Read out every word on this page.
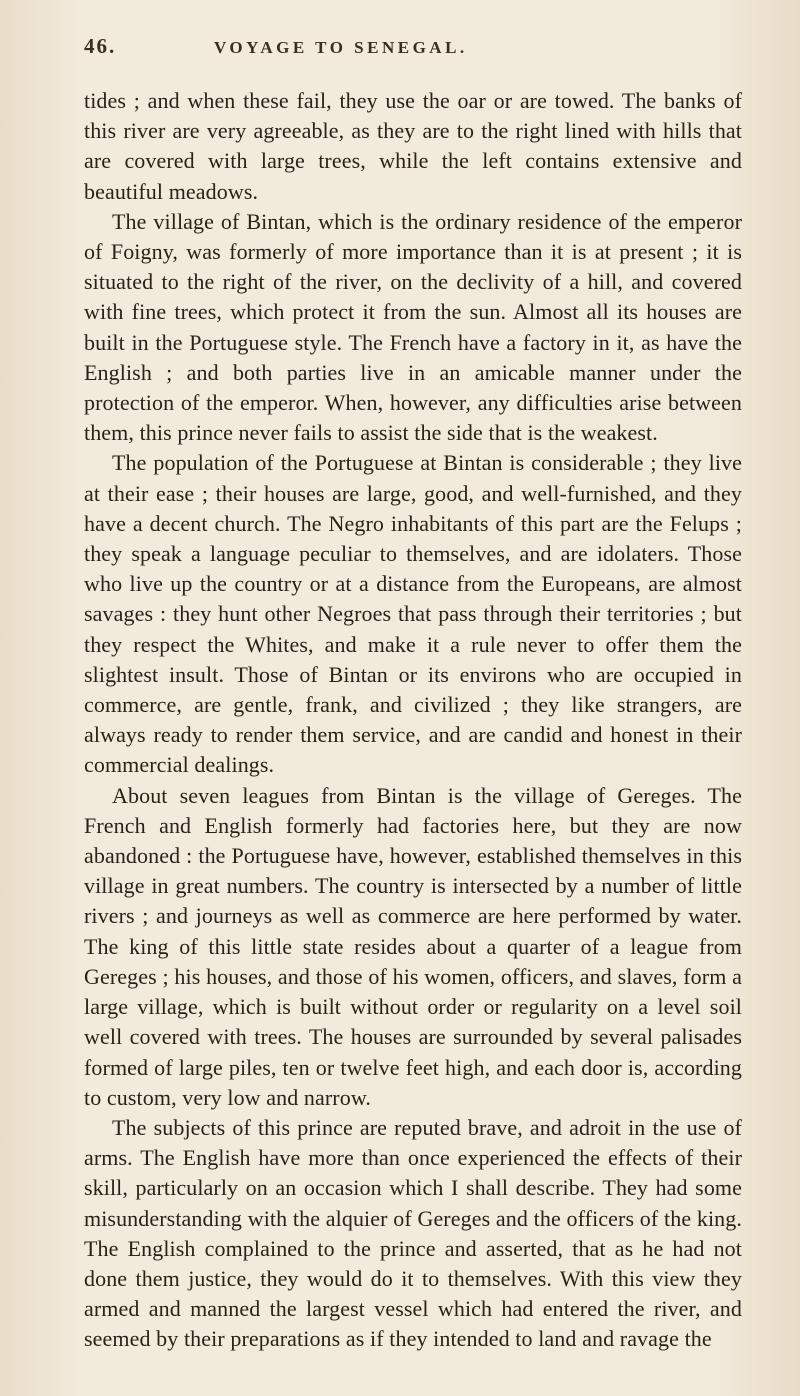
46.	VOYAGE TO SENEGAL.

tides ; and when these fail, they use the oar or are towed. The banks of this river are very agreeable, as they are to the right lined with hills that are covered with large trees, while the left contains extensive and beautiful meadows.

The village of Bintan, which is the ordinary residence of the emperor of Foigny, was formerly of more importance than it is at present ; it is situated to the right of the river, on the declivity of a hill, and covered with fine trees, which protect it from the sun. Almost all its houses are built in the Portuguese style. The French have a factory in it, as have the English ; and both parties live in an amicable manner under the protection of the emperor. When, however, any difficulties arise between them, this prince never fails to assist the side that is the weakest.

The population of the Portuguese at Bintan is considerable ; they live at their ease ; their houses are large, good, and well-furnished, and they have a decent church. The Negro inhabitants of this part are the Felups ; they speak a language peculiar to themselves, and are idolaters. Those who live up the country or at a distance from the Europeans, are almost savages : they hunt other Negroes that pass through their territories ; but they respect the Whites, and make it a rule never to offer them the slightest insult. Those of Bintan or its environs who are occupied in commerce, are gentle, frank, and civilized ; they like strangers, are always ready to render them service, and are candid and honest in their commercial dealings.

About seven leagues from Bintan is the village of Gereges. The French and English formerly had factories here, but they are now abandoned : the Portuguese have, however, established themselves in this village in great numbers. The country is intersected by a number of little rivers ; and journeys as well as commerce are here performed by water. The king of this little state resides about a quarter of a league from Gereges ; his houses, and those of his women, officers, and slaves, form a large village, which is built without order or regularity on a level soil well covered with trees. The houses are surrounded by several palisades formed of large piles, ten or twelve feet high, and each door is, according to custom, very low and narrow.

The subjects of this prince are reputed brave, and adroit in the use of arms. The English have more than once experienced the effects of their skill, particularly on an occasion which I shall describe. They had some misunderstanding with the alquier of Gereges and the officers of the king. The English complained to the prince and asserted, that as he had not done them justice, they would do it to themselves. With this view they armed and manned the largest vessel which had entered the river, and seemed by their preparations as if they intended to land and ravage the
